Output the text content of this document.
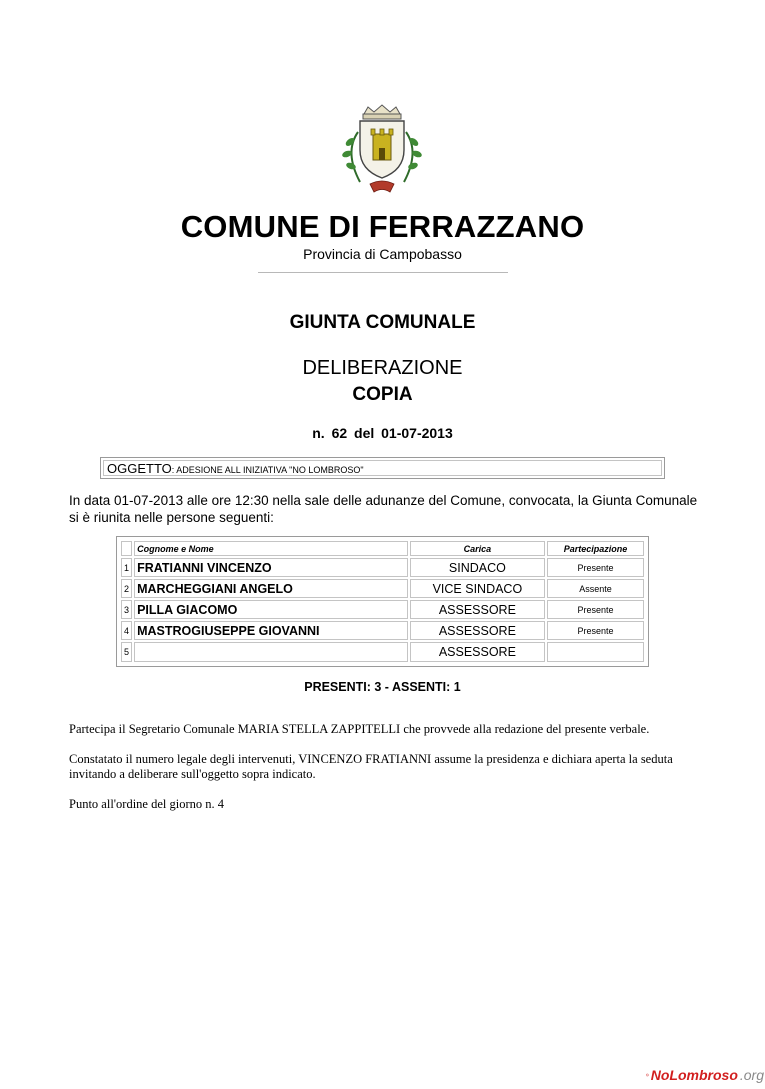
COMUNE DI FERRAZZANO
Provincia di Campobasso
GIUNTA COMUNALE
DELIBERAZIONE
COPIA
n. 62 del 01-07-2013
OGGETTO: ADESIONE ALL INIZIATIVA "NO LOMBROSO"
In data 01-07-2013 alle ore 12:30 nella sale delle adunanze del Comune, convocata, la Giunta Comunale si è riunita nelle persone seguenti:
	Cognome e Nome	Carica	Partecipazione
1	FRATIANNI VINCENZO	SINDACO	Presente
2	MARCHEGGIANI ANGELO	VICE SINDACO	Assente
3	PILLA GIACOMO	ASSESSORE	Presente
4	MASTROGIUSEPPE GIOVANNI	ASSESSORE	Presente
5		ASSESSORE	
PRESENTI: 3 - ASSENTI: 1
Partecipa il Segretario Comunale MARIA STELLA ZAPPITELLI che provvede alla redazione del presente verbale.
Constatato il numero legale degli intervenuti, VINCENZO FRATIANNI assume la presidenza e dichiara aperta la seduta invitando a deliberare sull'oggetto sopra indicato.
Punto all'ordine del giorno n. 4
NoLombroso .org
